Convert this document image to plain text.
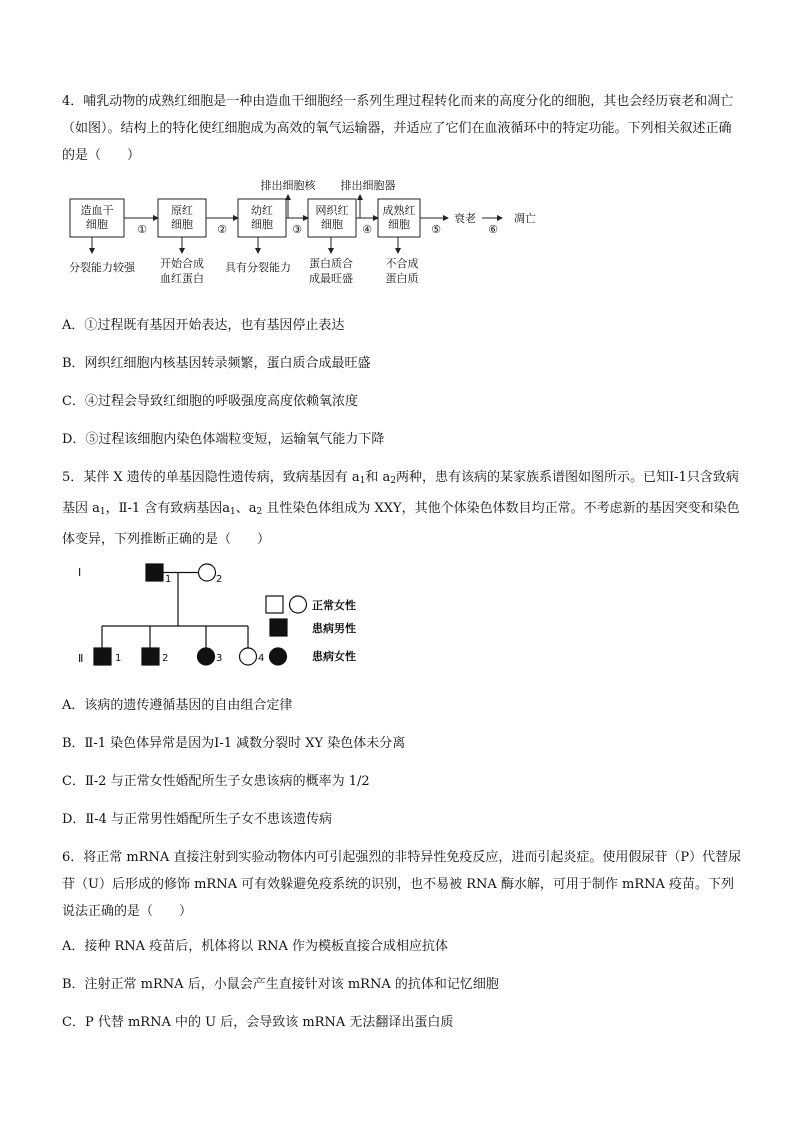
4．哺乳动物的成熟红细胞是一种由造血干细胞经一系列生理过程转化而来的高度分化的细胞，其也会经历衰老和凋亡（如图）。结构上的特化使红细胞成为高效的氧气运输器，并适应了它们在血液循环中的特定功能。下列相关叙述正确的是（　　）
造血干
细胞
原红
细胞
幼红
细胞
网织红
细胞
成熟红
细胞
①	②	③	④	⑤	⑥
排出细胞核 排出细胞器
衰老	凋亡
分裂能力较强 开始合成
血红蛋白
具有分裂能力 蛋白质合
成最旺盛
不合成
蛋白质
A．①过程既有基因开始表达，也有基因停止表达
B．网织红细胞内核基因转录频繁，蛋白质合成最旺盛
C．④过程会导致红细胞的呼吸强度高度依赖氧浓度
D．⑤过程该细胞内染色体端粒变短，运输氧气能力下降
5．某伴 X 遗传的单基因隐性遗传病，致病基因有 $a_1$和 $a_2$两种，患有该病的某家族系谱图如图所示。已知Ⅰ-1只含致病基因 $a_1$，Ⅱ-1 含有致病基因$a_1$、$a_2$ 且性染色体组成为 XXY，其他个体染色体数目均正常。不考虑新的基因突变和染色体变异，下列推断正确的是（　　）
Ⅰ
Ⅱ
1	2
1	2	3	4
正常女性
患病男性
患病女性
A．该病的遗传遵循基因的自由组合定律
B．Ⅱ-1 染色体异常是因为Ⅰ-1 减数分裂时 XY 染色体未分离
C．Ⅱ-2 与正常女性婚配所生子女患该病的概率为 1/2
D．Ⅱ-4 与正常男性婚配所生子女不患该遗传病
6．将正常 mRNA 直接注射到实验动物体内可引起强烈的非特异性免疫反应，进而引起炎症。使用假尿苷（P）代替尿苷（U）后形成的修饰 mRNA 可有效躲避免疫系统的识别，也不易被 RNA 酶水解，可用于制作 mRNA 疫苗。下列说法正确的是（　　）
A．接种 RNA 疫苗后，机体将以 RNA 作为模板直接合成相应抗体
B．注射正常 mRNA 后，小鼠会产生直接针对该 mRNA 的抗体和记忆细胞
C．P 代替 mRNA 中的 U 后，会导致该 mRNA 无法翻译出蛋白质
